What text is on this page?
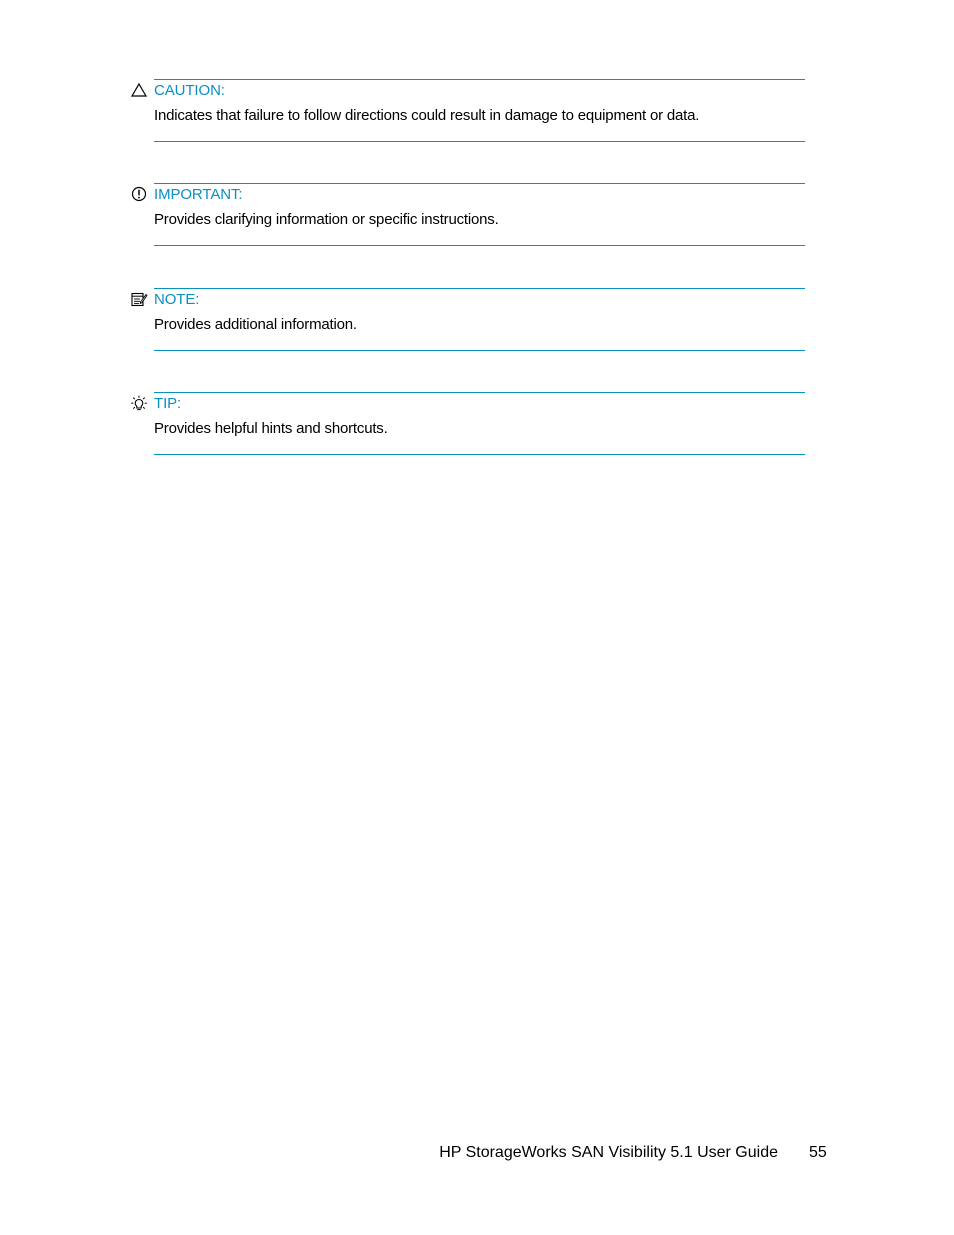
CAUTION:
Indicates that failure to follow directions could result in damage to equipment or data.
IMPORTANT:
Provides clarifying information or specific instructions.
NOTE:
Provides additional information.
TIP:
Provides helpful hints and shortcuts.
HP StorageWorks SAN Visibility 5.1 User Guide 55
